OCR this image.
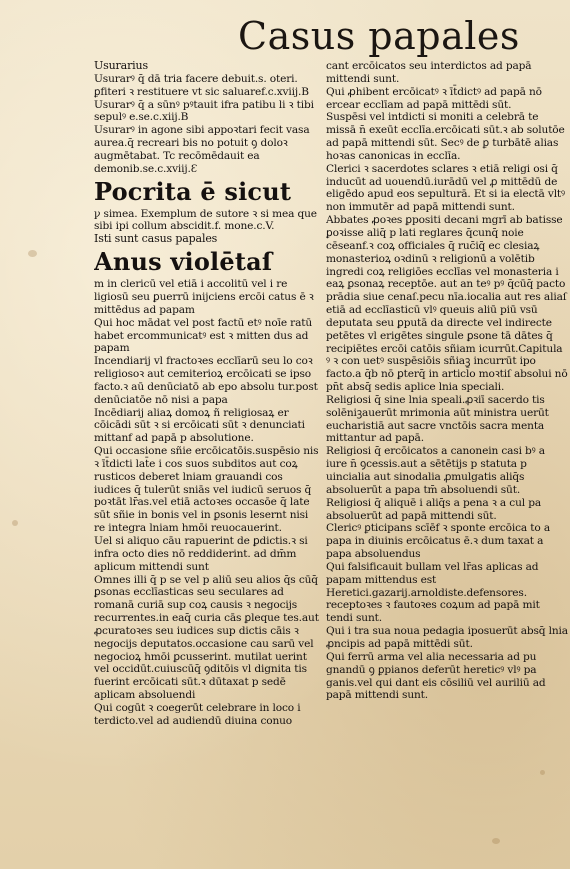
Casus papales

Usurarius

Usurarꝰ q̄ dā tria facere debuit.s. oteri. ꝑfiteri ꝛ restituere vt sic saluaref.c.xviij.B

Usurarꝰ q̄ a sūnꝰ pꝰtauit ifra patibu li ꝛ tibi sepulꝰ e.se.c.xiij.B

Usurarꝰ in agone sibi appoꝛtari fecit vasa aurea.q̄ recreari bis no potuit ꝯ doloꝛ augmētabat. Tc recōmēdauit ea demonib.se.c.xviij.Ɛ

Pocrita ē sicut

ꝩ simea. Exemplum de sutore ꝛ si mea que sibi ipi collum abscidit.f. mone.c.V.

Isti sunt casus papales

Anus violētaſ

m in clericū vel etiā i accolitū vel i re ligiosū seu ꝑuerrū inijciens ercōi catus ē ꝛ mittēdus ad papam

Qui hoc mādat vel post factū etꝰ noīe ratū habet ercommunicatꝰ est ꝛ mitten dus ad papam

Incendiarij vl fractoꝛes ecclīarū seu lo coꝛ religiosoꝛ aut cemiterioꝝ ercōicati se ipso facto.ꝛ aū denūciatō ab epo absolu tur.post denūciatōe nō nisi a papa

Incēdiarij aliaꝝ domoꝝ ñ religiosaꝝ er cōicādi sūt ꝛ si ercōicati sūt ꝛ denunciati mittanf ad papā p absolutione.

Qui occasione sñie ercōicatōis.suspēsio nis ꝛ īt̄dicti lat̄e i cos suos subditos aut coꝝ rusticos deberet lniam grauandi cos iudices q̄ tulerūt sniās vel iudicū seruos q̄ poꝛtāt lr̄as.vel etiā actoꝛes occasōe q̄ late sūt sñie in bonis vel in ꝑsonis lesernt nisi re integra lniam hmōi reuocauerint.

Uel si aliquo cāu rapuerint de ꝑdictis.ꝛ si infra octo dies nō reddiderint. ad dm̄m aplicum mittendi sunt

Omnes illi q̄ p se vel p aliū seu alios q̄s cūq̄ ꝑsonas ecclīasticas seu seculares ad romanā curiā sup coꝝ causis ꝛ negocijs recurrentes.in eaq̄ curia cās ꝑleque tes.aut ꝓcuratoꝛes seu iudices sup dictis cāis ꝛ negocijs deputatos.occasione cau sarū vel negocioꝝ hmōi ꝑcusserint. mutilat uerint vel occidūt.cuiuscūq̄ ꝯditōis vl dignita tis fuerint ercōicati sūt.ꝛ dūtaxat p sedē aplicam absoluendi

Qui cogūt ꝛ coegerūt celebrare in loco i terdicto.vel ad audiendū diuina conuo

cant ercōicatos seu interdictos ad papā mittendi sunt.

Qui ꝓhibent ercōicatꝰ ꝛ īt̄dictꝰ ad papā nō ercear ecclīam ad papā mittēdi sūt.

Suspēsi vel intdicti si moniti a celebrā te missā n̄ exeūt ecclīa.ercōicati sūt.ꝛ ab solutōe ad papā mittendi sūt. Secꝰ de ꝑ turbātē alias hoꝛas canonicas in ecclīa.

Clerici ꝛ sacerdotes sclares ꝛ etiā religi osi q̄ inducūt ad uouendū.iurādū vel ꝓ mittēdū de eligēdo apud eos sepulturā. Et si ia electā vltꝰ non immutēr ad papā mittendi sunt.

Abbates ꝓoꝛes ꝑpositi decani mgrī ab batisse ꝑoꝛisse aliq̄ p lati reglares q̄cunq̄ noie cēseanf.ꝛ coꝝ officiales q̄ ruc̄iq̄ ec clesiaꝝ monasterioꝝ oꝛdinū ꝛ religionū a volētib ingredi coꝝ religiōes ecclīas vel monasteria i eaꝝ ꝑsonaꝝ receptōe. aut an teꝰ pꝰ q̄cūq̄ pacto prādia siue cenaſ.pecu nīa.iocalia aut res aliaſ etiā ad ecclīasticū vlꝰ queuis aliū piū vsū deputata seu ꝑputā da directe vel indirecte petētes vl erigētes singule ꝑsone tā dātes q̄ recipiētes ercōi catōis sñiam icurrūt.Capitula ꝰ ꝛ con uetꝰ suspēsiōis sñiaꝫ incurrūt ipo facto.a q̄b nō ꝑterq̄ in articl̄o moꝛtiſ absolui nō pn̄t absq̄ sedis aplice lnia speciali.

Religiosi q̄ sine lnia speali.ꝓꝛiī sacerdo tis solēniꝫauerūt mrimonia aūt ministra uerūt eucharistiā aut sacre vnctōis sacra menta mittantur ad papā.

Religiosi q̄ ercōicatos a canonein casi bꝰ a iure n̄ ꝯcessis.aut a sētētijs p statuta p uincialia aut sinodalia ꝓmulgatis aliq̄s absoluerūt a papa tm̄ absoluendi sūt.

Religiosi q̄ aliquē i aliq̄s a pena ꝛ a cul pa absoluerūt ad papā mittendi sūt.

Clericꝰ ꝑticipans scīēf ꝛ sponte ercōica to a papa in diuinis ercōicatus ē.ꝛ dum taxat a papa absoluendus

Qui falsificauit bullam vel lr̄as aplicas ad papam mittendus est

Heretici.gazarij.arnoldiste.defensores. receptoꝛes ꝛ fautoꝛes coꝝum ad papā mit tendi sunt.

Qui i tra sua noua pedagia iposuerūt absq̄ lnia ꝓncipis ad papā mittēdi sūt.

Qui ferrū arma vel alia necessaria ad pu gnandū ꝯ ꝑpianos deferūt hereticꝰ vlꝰ pa ganis.vel qui dant eis cōsiliū vel auriliū ad papā mittendi sunt.
